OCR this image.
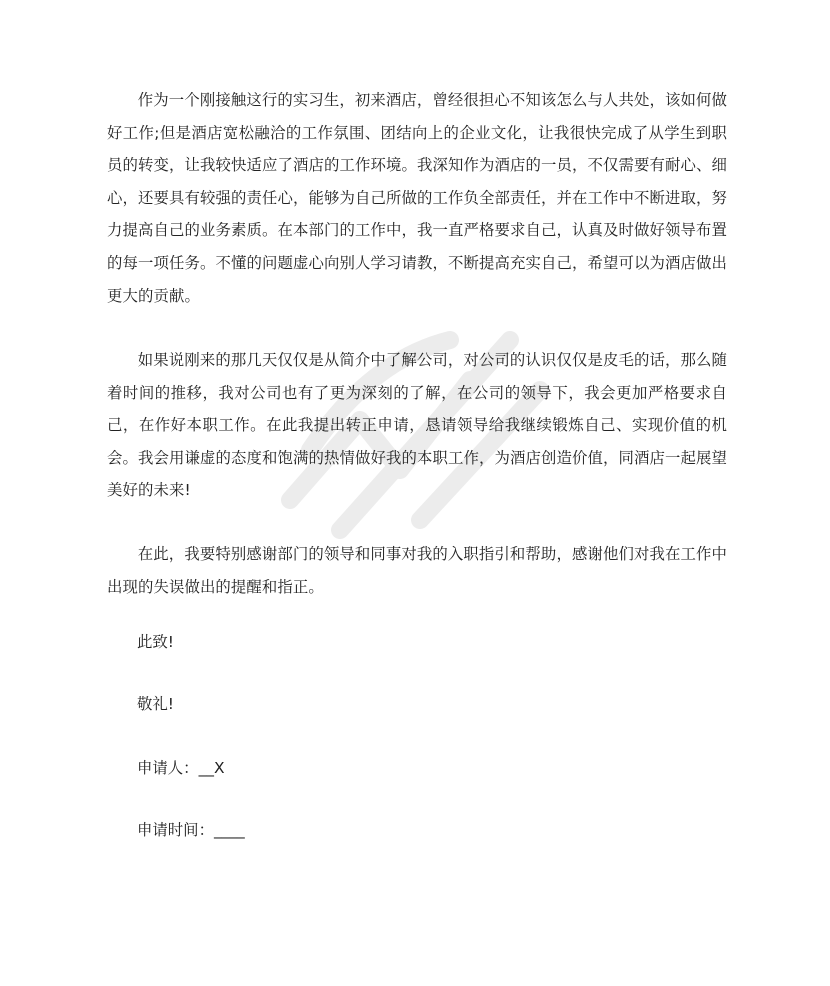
作为一个刚接触这行的实习生，初来酒店，曾经很担心不知该怎么与人共处，该如何做好工作;但是酒店宽松融洽的工作氛围、团结向上的企业文化，让我很快完成了从学生到职员的转变，让我较快适应了酒店的工作环境。我深知作为酒店的一员，不仅需要有耐心、细心，还要具有较强的责任心，能够为自己所做的工作负全部责任，并在工作中不断进取，努力提高自己的业务素质。在本部门的工作中，我一直严格要求自己，认真及时做好领导布置的每一项任务。不懂的问题虚心向别人学习请教，不断提高充实自己，希望可以为酒店做出更大的贡献。

如果说刚来的那几天仅仅是从简介中了解公司，对公司的认识仅仅是皮毛的话，那么随着时间的推移，我对公司也有了更为深刻的了解，在公司的领导下，我会更加严格要求自己，在作好本职工作。在此我提出转正申请，恳请领导给我继续锻炼自己、实现价值的机会。我会用谦虚的态度和饱满的热情做好我的本职工作，为酒店创造价值，同酒店一起展望美好的未来!

在此，我要特别感谢部门的领导和同事对我的入职指引和帮助，感谢他们对我在工作中出现的失误做出的提醒和指正。

此致!

敬礼!

申请人：__X

申请时间：____
